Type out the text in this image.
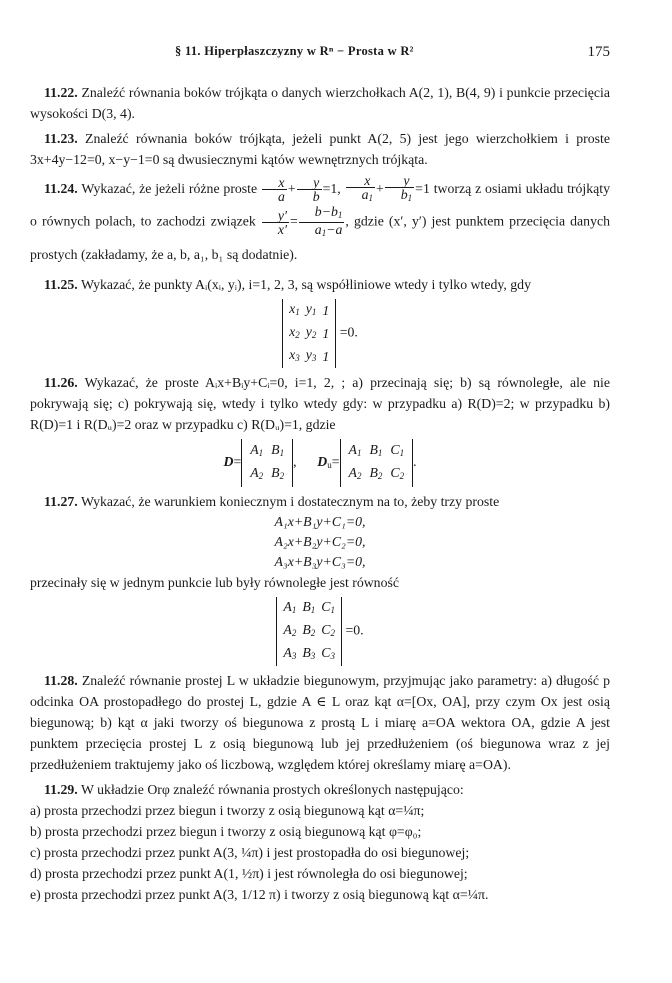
§ 11. Hiperpłaszczyzny w Rⁿ − Prosta w R²	175

11.22. Znaleźć równania boków trójkąta o danych wierzchołkach A(2, 1), B(4, 9) i punkcie przecięcia wysokości D(3, 4).

11.23. Znaleźć równania boków trójkąta, jeżeli punkt A(2, 5) jest jego wierzchołkiem i proste 3x+4y−12=0, x−y−1=0 są dwusiecznymi kątów wewnętrznych trójkąta.

11.24. Wykazać, że jeżeli różne proste $\frac{x}{a} + \frac{y}{b} =1$, $\frac{x}{a_1} + \frac{y}{b_1} =1$ tworzą z osiami układu trójkąty o równych polach, to zachodzi związek $\frac{y'}{x'} = \frac{b-b_1}{a_1-a}$ , gdzie (x′, y′) jest punktem przecięcia danych prostych (zakładamy, że a, b, a₁, b₁ są dodatnie).

11.25. Wykazać, że punkty Aᵢ(xᵢ, yᵢ), i=1, 2, 3, są współliniowe wtedy i tylko wtedy, gdy

$x_1$	$y_1$	1
$x_2$	$y_2$	1
$x_3$	$y_3$	1
=0.

11.26. Wykazać, że proste Aᵢx+Bᵢy+Cᵢ=0, i=1, 2, ; a) przecinają się; b) są równoległe, ale nie pokrywają się; c) pokrywają się, wtedy i tylko wtedy gdy: w przypadku a) R(D)=2; w przypadku b) R(D)=1 i R(Dᵤ)=2 oraz w przypadku c) R(Dᵤ)=1, gdzie

D=
$A_1$	$B_1$
$A_2$	$B_2$
,      $D_u=$
$A_1$	$B_1$	$C_1$
$A_2$	$B_2$	$C_2$
.

11.27. Wykazać, że warunkiem koniecznym i dostatecznym na to, żeby trzy proste

A₁x+B₁y+C₁=0,
A₂x+B₂y+C₂=0,
A₃x+B₃y+C₃=0,

przecinały się w jednym punkcie lub były równoległe jest równość

$A_1$	$B_1$	$C_1$
$A_2$	$B_2$	$C_2$
$A_3$	$B_3$	$C_3$
=0.

11.28. Znaleźć równanie prostej L w układzie biegunowym, przyjmując jako parametry: a) długość p odcinka OA prostopadłego do prostej L, gdzie A ∈ L oraz kąt α=[Ox, OA], przy czym Ox jest osią biegunową; b) kąt α jaki tworzy oś biegunowa z prostą L i miarę a=OA wektora OA, gdzie A jest punktem przecięcia prostej L z osią biegunową lub jej przedłużeniem (oś biegunowa wraz z jej przedłużeniem traktujemy jako oś liczbową, względem której określamy miarę a=OA).

11.29. W układzie Orφ znaleźć równania prostych określonych następująco:

a) prosta przechodzi przez biegun i tworzy z osią biegunową kąt α=¼π;

b) prosta przechodzi przez biegun i tworzy z osią biegunową kąt φ=φ₀;

c) prosta przechodzi przez punkt A(3, ¼π) i jest prostopadła do osi biegunowej;

d) prosta przechodzi przez punkt A(1, ½π) i jest równoległa do osi biegunowej;

e) prosta przechodzi przez punkt A(3, 1/12 π) i tworzy z osią biegunową kąt α=¼π.
